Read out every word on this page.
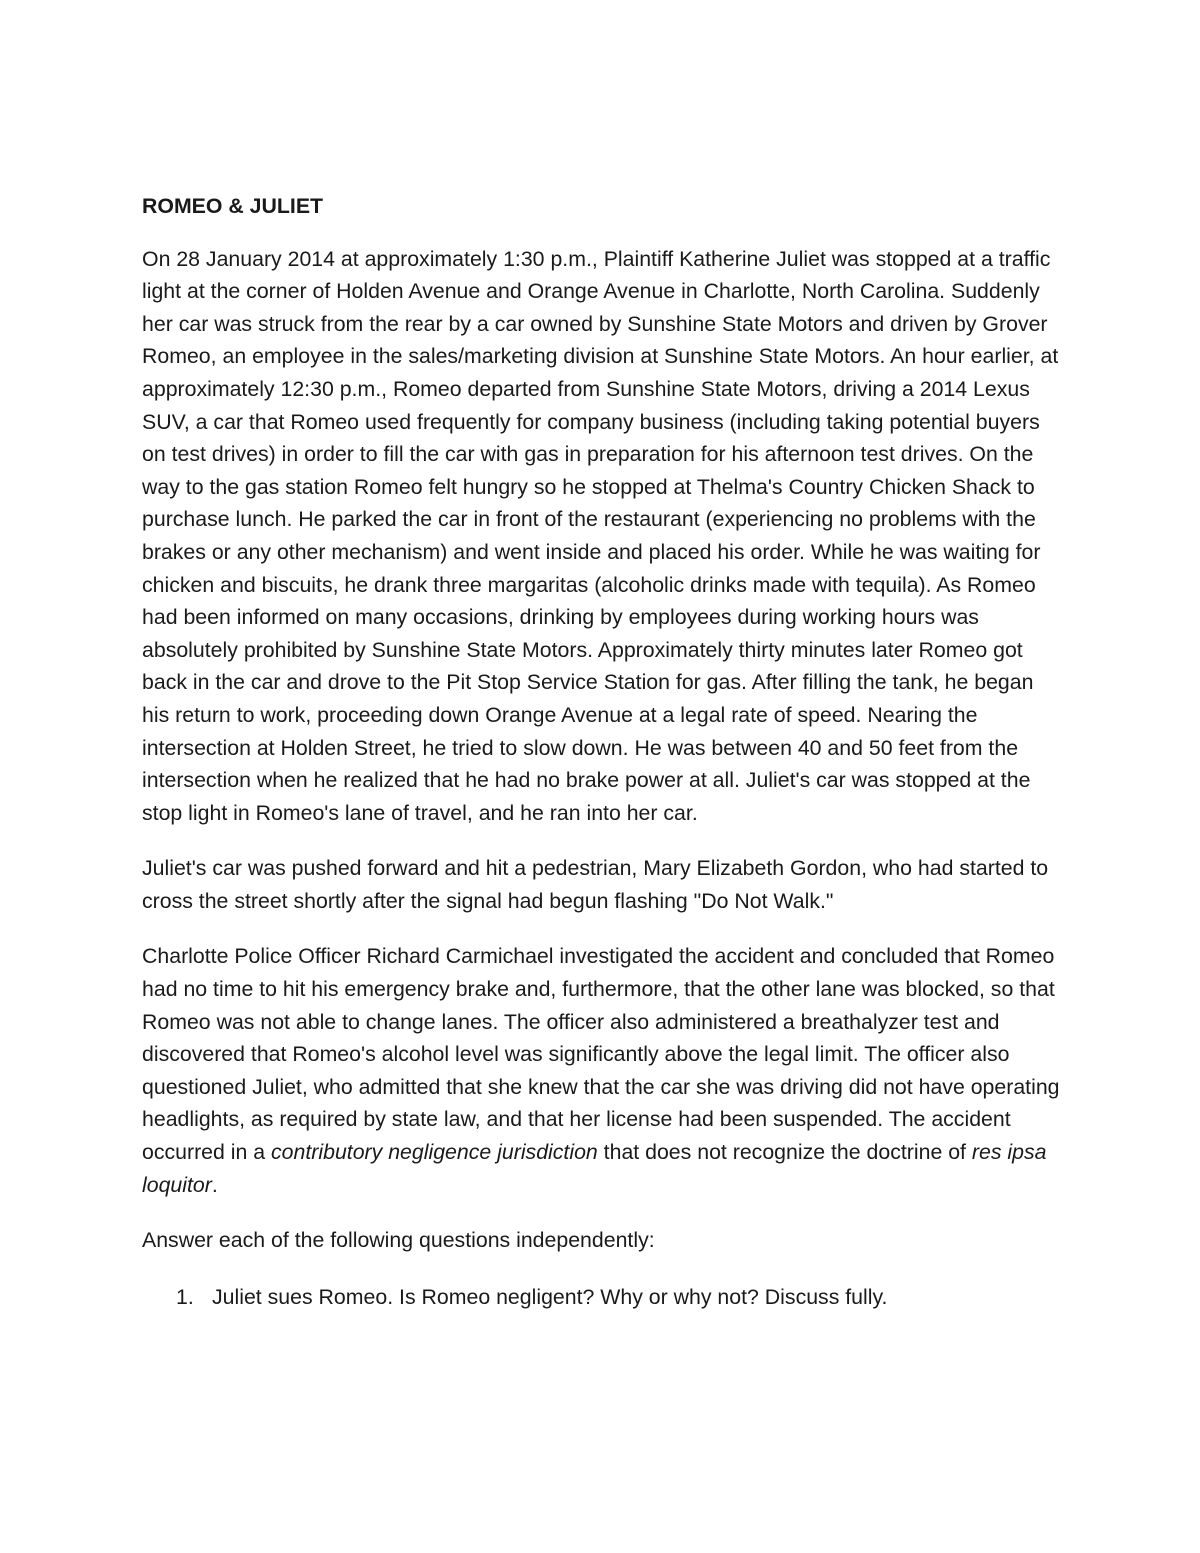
ROMEO & JULIET

On 28 January 2014 at approximately 1:30 p.m., Plaintiff Katherine Juliet was stopped at a traffic light at the corner of Holden Avenue and Orange Avenue in Charlotte, North Carolina. Suddenly her car was struck from the rear by a car owned by Sunshine State Motors and driven by Grover Romeo, an employee in the sales/marketing division at Sunshine State Motors. An hour earlier, at approximately 12:30 p.m., Romeo departed from Sunshine State Motors, driving a 2014 Lexus SUV, a car that Romeo used frequently for company business (including taking potential buyers on test drives) in order to fill the car with gas in preparation for his afternoon test drives. On the way to the gas station Romeo felt hungry so he stopped at Thelma's Country Chicken Shack to purchase lunch. He parked the car in front of the restaurant (experiencing no problems with the brakes or any other mechanism) and went inside and placed his order. While he was waiting for chicken and biscuits, he drank three margaritas (alcoholic drinks made with tequila). As Romeo had been informed on many occasions, drinking by employees during working hours was absolutely prohibited by Sunshine State Motors. Approximately thirty minutes later Romeo got back in the car and drove to the Pit Stop Service Station for gas. After filling the tank, he began his return to work, proceeding down Orange Avenue at a legal rate of speed. Nearing the intersection at Holden Street, he tried to slow down. He was between 40 and 50 feet from the intersection when he realized that he had no brake power at all. Juliet's car was stopped at the stop light in Romeo's lane of travel, and he ran into her car.

Juliet's car was pushed forward and hit a pedestrian, Mary Elizabeth Gordon, who had started to cross the street shortly after the signal had begun flashing "Do Not Walk."

Charlotte Police Officer Richard Carmichael investigated the accident and concluded that Romeo had no time to hit his emergency brake and, furthermore, that the other lane was blocked, so that Romeo was not able to change lanes. The officer also administered a breathalyzer test and discovered that Romeo's alcohol level was significantly above the legal limit. The officer also questioned Juliet, who admitted that she knew that the car she was driving did not have operating headlights, as required by state law, and that her license had been suspended. The accident occurred in a contributory negligence jurisdiction that does not recognize the doctrine of res ipsa loquitor.

Answer each of the following questions independently:

1. Juliet sues Romeo. Is Romeo negligent? Why or why not? Discuss fully.
